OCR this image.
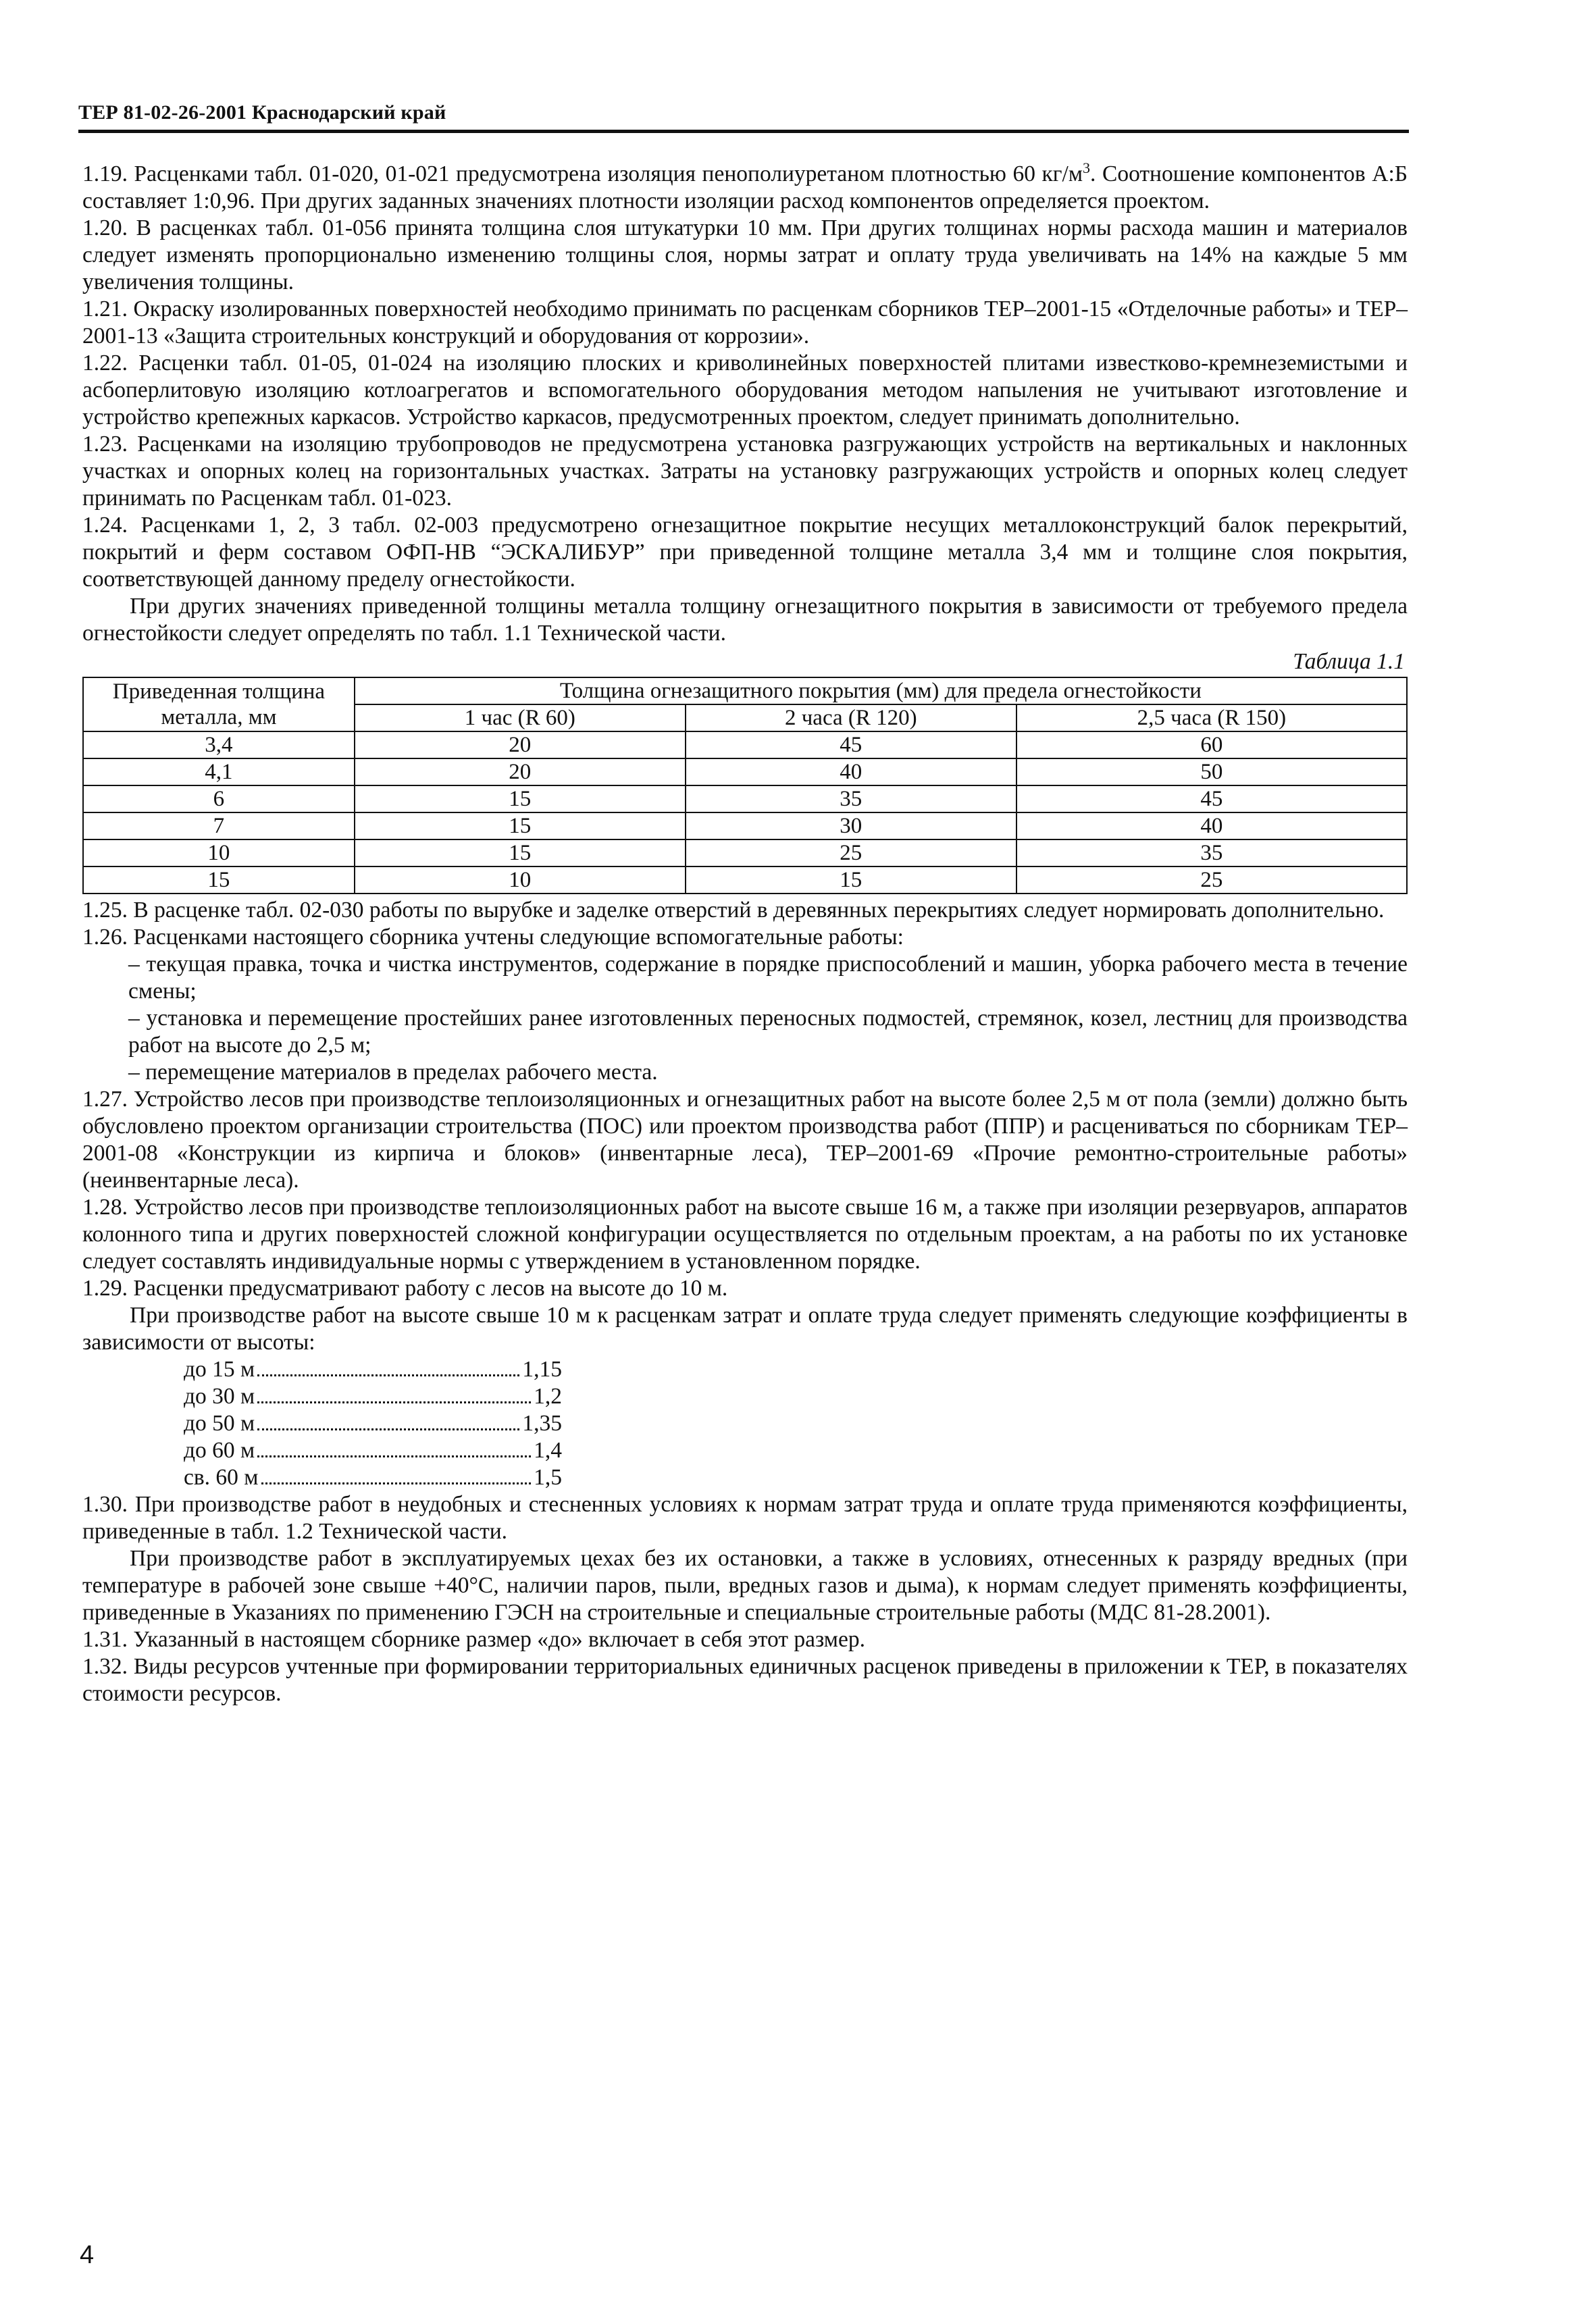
ТЕР 81-02-26-2001 Краснодарский край

1.19. Расценками табл. 01-020, 01-021 предусмотрена изоляция пенополиуретаном плотностью 60 $кг/м^3$. Соотношение компонентов А:Б составляет 1:0,96. При других заданных значениях плотности изоляции расход компонентов определяется проектом.

1.20. В расценках табл. 01-056 принята толщина слоя штукатурки 10 мм. При других толщинах нормы расхода машин и материалов следует изменять пропорционально изменению толщины слоя, нормы затрат и оплату труда увеличивать на 14% на каждые 5 мм увеличения толщины.

1.21. Окраску изолированных поверхностей необходимо принимать по расценкам сборников ТЕР–2001-15 «Отделочные работы» и ТЕР–2001-13 «Защита строительных конструкций и оборудования от коррозии».

1.22. Расценки табл. 01-05, 01-024 на изоляцию плоских и криволинейных поверхностей плитами известково-кремнеземистыми и асбоперлитовую изоляцию котлоагрегатов и вспомогательного оборудования методом напыления не учитывают изготовление и устройство крепежных каркасов. Устройство каркасов, предусмотренных проектом, следует принимать дополнительно.

1.23. Расценками на изоляцию трубопроводов не предусмотрена установка разгружающих устройств на вертикальных и наклонных участках и опорных колец на горизонтальных участках. Затраты на установку разгружающих устройств и опорных колец следует принимать по Расценкам табл. 01-023.

1.24. Расценками 1, 2, 3 табл. 02-003 предусмотрено огнезащитное покрытие несущих металлоконструкций балок перекрытий, покрытий и ферм составом ОФП-НВ “ЭСКАЛИБУР” при приведенной толщине металла 3,4 мм и толщине слоя покрытия, соответствующей данному пределу огнестойкости.

При других значениях приведенной толщины металла толщину огнезащитного покрытия в зависимости от требуемого предела огнестойкости следует определять по табл. 1.1 Технической части.

Таблица 1.1

Приведенная толщина металла, мм	Толщина огнезащитного покрытия (мм) для предела огнестойкости		
	1 час (R 60)	2 часа (R 120)	2,5 часа (R 150)
3,4	20	45	60
4,1	20	40	50
6	15	35	45
7	15	30	40
10	15	25	35
15	10	15	25

1.25. В расценке табл. 02-030 работы по вырубке и заделке отверстий в деревянных перекрытиях следует нормировать дополнительно.

1.26. Расценками настоящего сборника учтены следующие вспомогательные работы:

– текущая правка, точка и чистка инструментов, содержание в порядке приспособлений и машин, уборка рабочего места в течение смены;

– установка и перемещение простейших ранее изготовленных переносных подмостей, стремянок, козел, лестниц для производства работ на высоте до 2,5 м;

– перемещение материалов в пределах рабочего места.

1.27. Устройство лесов при производстве теплоизоляционных и огнезащитных работ на высоте более 2,5 м от пола (земли) должно быть обусловлено проектом организации строительства (ПОС) или проектом производства работ (ППР) и расцениваться по сборникам ТЕР–2001-08 «Конструкции из кирпича и блоков» (инвентарные леса), ТЕР–2001-69 «Прочие ремонтно-строительные работы» (неинвентарные леса).

1.28. Устройство лесов при производстве теплоизоляционных работ на высоте свыше 16 м, а также при изоляции резервуаров, аппаратов колонного типа и других поверхностей сложной конфигурации осуществляется по отдельным проектам, а на работы по их установке следует составлять индивидуальные нормы с утверждением в установленном порядке.

1.29. Расценки предусматривают работу с лесов на высоте до 10 м.

При производстве работ на высоте свыше 10 м к расценкам затрат и оплате труда следует применять следующие коэффициенты в зависимости от высоты:

до 15 м	1,15
до 30 м	1,2
до 50 м	1,35
до 60 м	1,4
св. 60 м	1,5

1.30. При производстве работ в неудобных и стесненных условиях к нормам затрат труда и оплате труда применяются коэффициенты, приведенные в табл. 1.2 Технической части.

При производстве работ в эксплуатируемых цехах без их остановки, а также в условиях, отнесенных к разряду вредных (при температуре в рабочей зоне свыше +40°С, наличии паров, пыли, вредных газов и дыма), к нормам следует применять коэффициенты, приведенные в Указаниях по применению ГЭСН на строительные и специальные строительные работы (МДС 81-28.2001).

1.31. Указанный в настоящем сборнике размер «до» включает в себя этот размер.

1.32. Виды ресурсов учтенные при формировании территориальных единичных расценок приведены в приложении к ТЕР, в показателях стоимости ресурсов.

4
